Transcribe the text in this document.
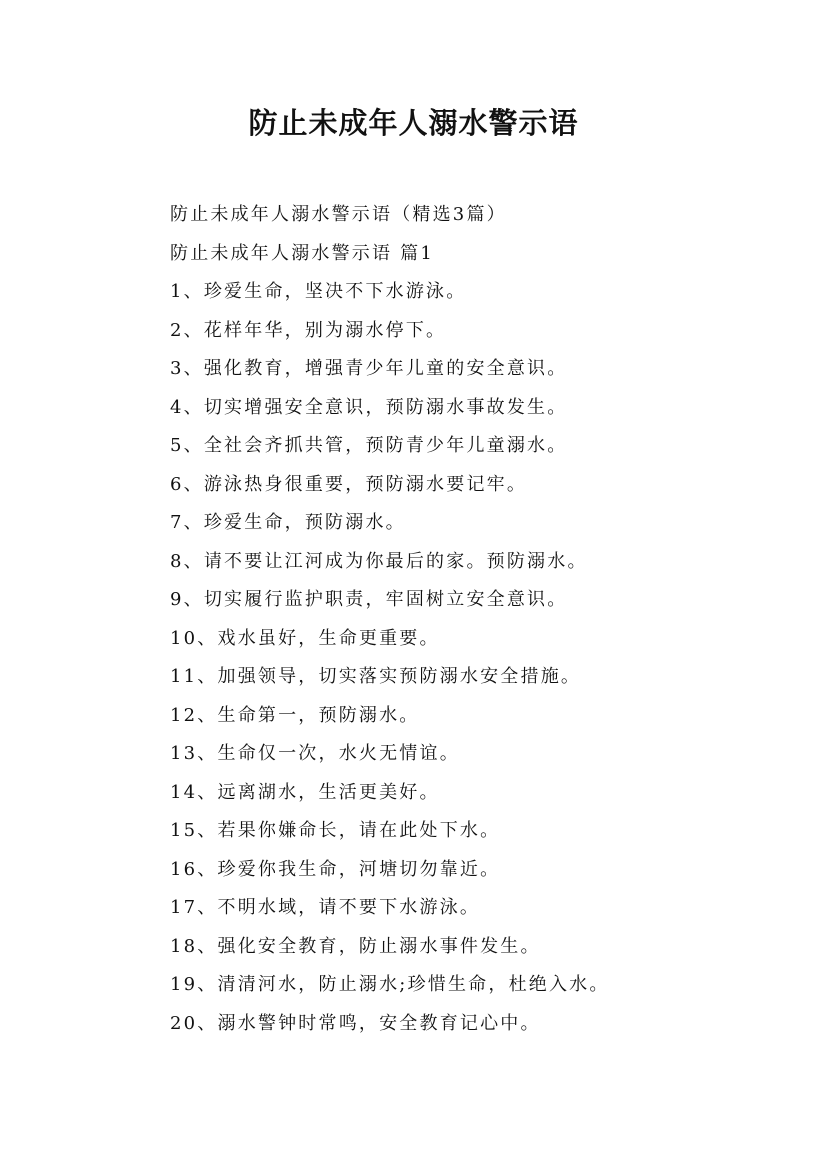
防止未成年人溺水警示语
防止未成年人溺水警示语（精选3篇）
防止未成年人溺水警示语 篇1
1、珍爱生命，坚决不下水游泳。
2、花样年华，别为溺水停下。
3、强化教育，增强青少年儿童的安全意识。
4、切实增强安全意识，预防溺水事故发生。
5、全社会齐抓共管，预防青少年儿童溺水。
6、游泳热身很重要，预防溺水要记牢。
7、珍爱生命，预防溺水。
8、请不要让江河成为你最后的家。预防溺水。
9、切实履行监护职责，牢固树立安全意识。
10、戏水虽好，生命更重要。
11、加强领导，切实落实预防溺水安全措施。
12、生命第一，预防溺水。
13、生命仅一次，水火无情谊。
14、远离湖水，生活更美好。
15、若果你嫌命长，请在此处下水。
16、珍爱你我生命，河塘切勿靠近。
17、不明水域，请不要下水游泳。
18、强化安全教育，防止溺水事件发生。
19、清清河水，防止溺水;珍惜生命，杜绝入水。
20、溺水警钟时常鸣，安全教育记心中。
